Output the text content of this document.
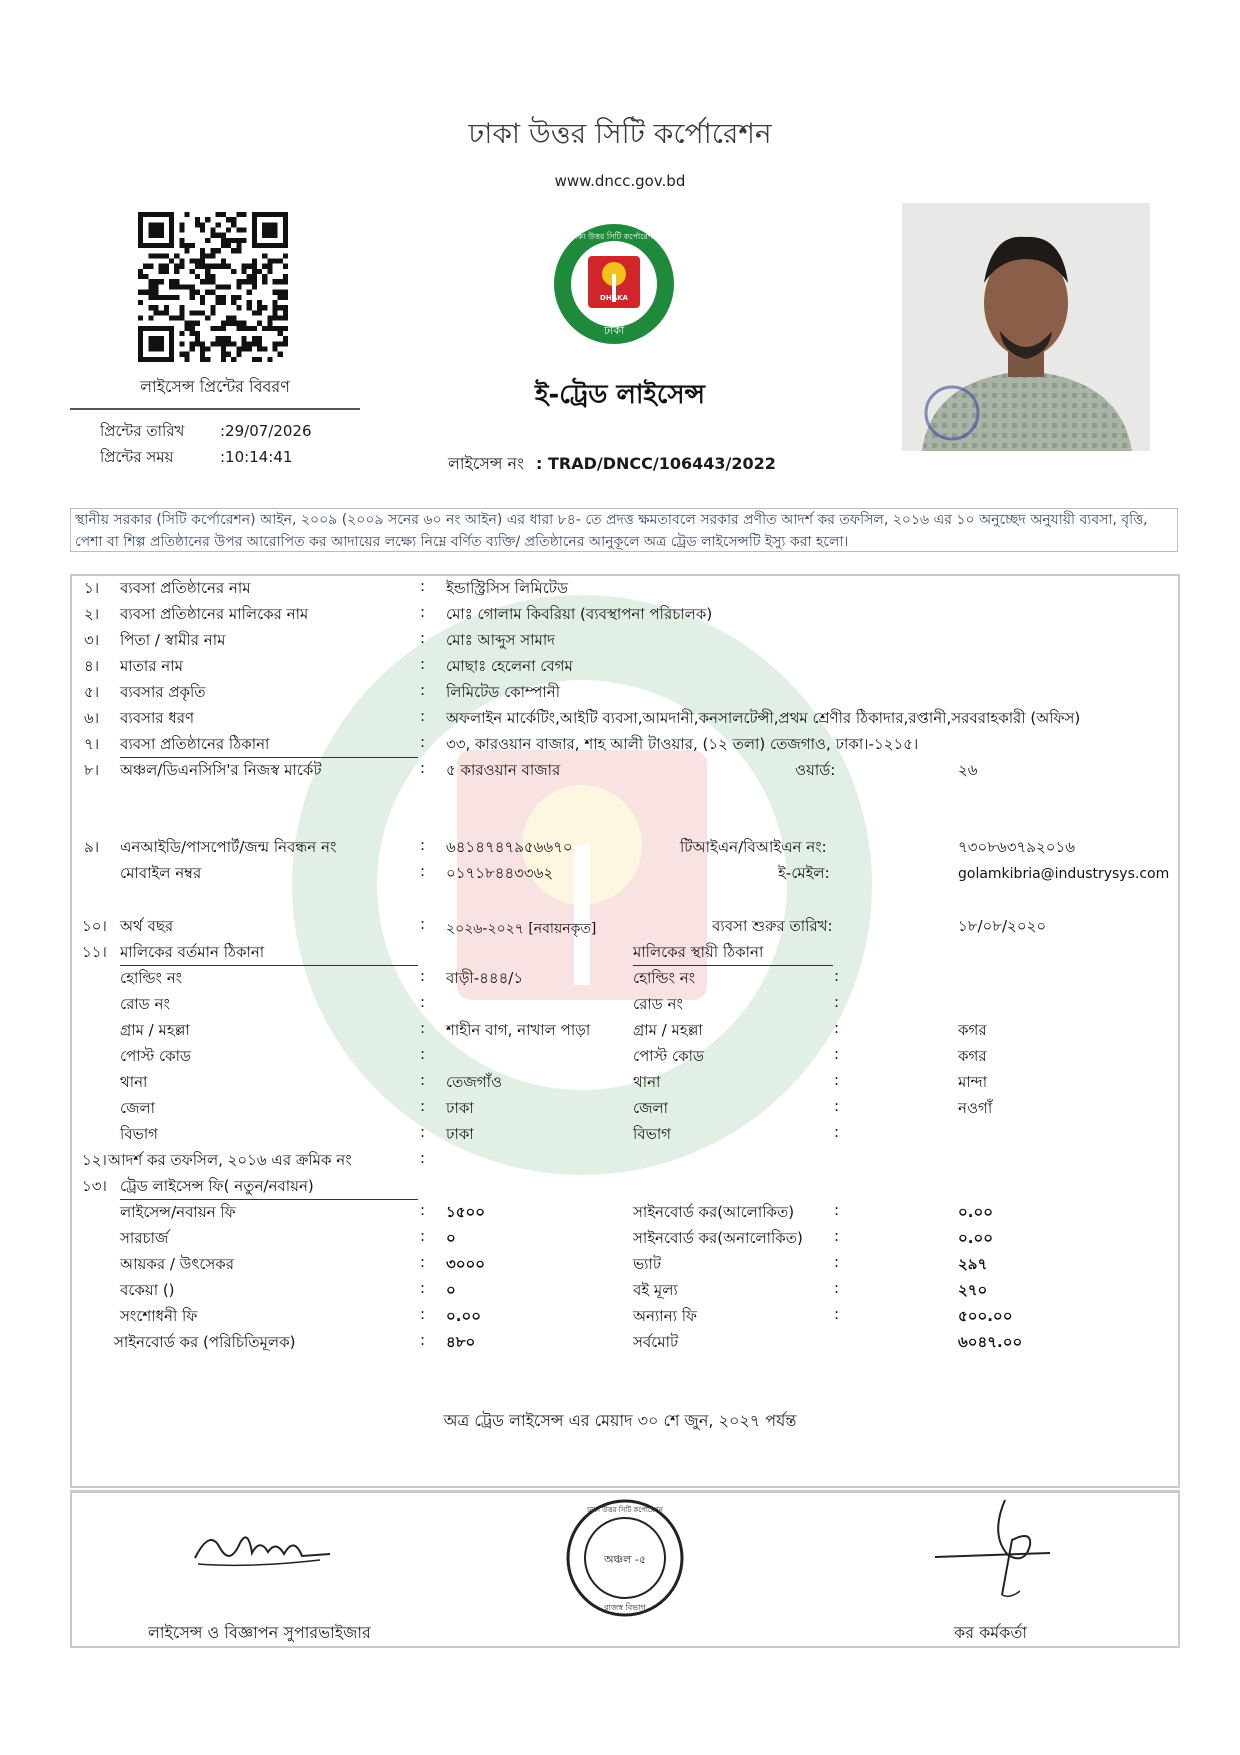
ঢাকা উত্তর সিটি কর্পোরেশন
www.dncc.gov.bd
DHAKA
ঢাকা
ঢাকা উত্তর সিটি কর্পোরেশন
লাইসেন্স প্রিন্টের বিবরণ
প্রিন্টের তারিখ :29/07/2026
প্রিন্টের সময়	:10:14:41
ই-ট্রেড লাইসেন্স
লাইসেন্স নং : TRAD/DNCC/106443/2022
স্থানীয় সরকার (সিটি কর্পোরেশন) আইন, ২০০৯ (২০০৯ সনের ৬০ নং আইন) এর ধারা ৮৪- তে প্রদত্ত ক্ষমতাবলে সরকার প্রণীত আদর্শ কর তফসিল, ২০১৬ এর ১০ অনুচ্ছেদ অনুযায়ী ব্যবসা, বৃত্তি, পেশা বা শিল্প প্রতিষ্ঠানের উপর আরোপিত কর আদায়ের লক্ষ্যে নিম্নে বর্ণিত ব্যক্তি/ প্রতিষ্ঠানের আনুকূলে অত্র ট্রেড লাইসেন্সটি ইস্যু করা হলো।
১। ব্যবসা প্রতিষ্ঠানের নাম	: ইন্ডাস্ট্রিসিস লিমিটেড
২। ব্যবসা প্রতিষ্ঠানের মালিকের নাম	: মোঃ গোলাম কিবরিয়া (ব্যবস্থাপনা পরিচালক)
৩। পিতা / স্বামীর নাম	: মোঃ আব্দুস সামাদ
৪। মাতার নাম	: মোছাঃ হেলেনা বেগম
৫। ব্যবসার প্রকৃতি	: লিমিটেড কোম্পানী
৬। ব্যবসার ধরণ	: অফলাইন মার্কেটিং,আইটি ব্যবসা,আমদানী,কনসালটেন্সী,প্রথম শ্রেণীর ঠিকাদার,রপ্তানী,সরবরাহকারী (অফিস)
৭। ব্যবসা প্রতিষ্ঠানের ঠিকানা	: ৩৩, কারওয়ান বাজার, শাহ আলী টাওয়ার, (১২ তলা) তেজগাও, ঢাকা।-১২১৫।
৮। অঞ্চল/ডিএনসিসি'র নিজস্ব মার্কেট	: ৫ কারওয়ান বাজার	ওয়ার্ড:	২৬
৯। এনআইডি/পাসপোর্ট/জন্ম নিবন্ধন নং	: ৬৪১৪৭৪৭৯৫৬৬৭০	টিআইএন/বিআইএন নং:	৭৩০৮৬৩৭৯২০১৬
মোবাইল নম্বর	: ০১৭১৮৪৪৩৩৬২	ই-মেইল:	golamkibria@industrysys.com
১০। অর্থ বছর	: ২০২৬-২০২৭ [নবায়নকৃত]	ব্যবসা শুরুর তারিখ:	১৮/০৮/২০২০
১১। মালিকের বর্তমান ঠিকানা	মালিকের স্থায়ী ঠিকানা
হোল্ডিং নং	: বাড়ী-৪৪৪/১	হোল্ডিং নং	:
রোড নং	:	রোড নং	:
গ্রাম / মহল্লা	: শাহীন বাগ, নাখাল পাড়া	গ্রাম / মহল্লা	:	কগর
পোস্ট কোড	:	পোস্ট কোড	:	কগর
থানা	: তেজগাঁও	থানা	:	মান্দা
জেলা	: ঢাকা	জেলা	:	নওগাঁ
বিভাগ	: ঢাকা	বিভাগ	:
১২। আদর্শ কর তফসিল, ২০১৬ এর ক্রমিক নং	:
১৩। ট্রেড লাইসেন্স ফি( নতুন/নবায়ন)
লাইসেন্স/নবায়ন ফি	: ১৫০০	সাইনবোর্ড কর(আলোকিত)	:	০.০০
সারচার্জ	: ০	সাইনবোর্ড কর(অনালোকিত) :	০.০০
আয়কর / উৎসেকর	: ৩০০০	ভ্যাট	:	২৯৭
বকেয়া ()	: ০	বই মূল্য	:	২৭০
সংশোধনী ফি	: ০.০০	অন্যান্য ফি	:	৫০০.০০
সাইনবোর্ড কর (পরিচিতিমূলক)	: ৪৮০	সর্বমোট	৬০৪৭.০০
অত্র ট্রেড লাইসেন্স এর মেয়াদ ৩০ শে জুন, ২০২৭ পর্যন্ত
লাইসেন্স ও বিজ্ঞাপন সুপারভাইজার
অঞ্চল -৫
ঢাকা উত্তর সিটি কর্পোরেশন
রাজস্ব বিভাগ
কর কর্মকর্তা
